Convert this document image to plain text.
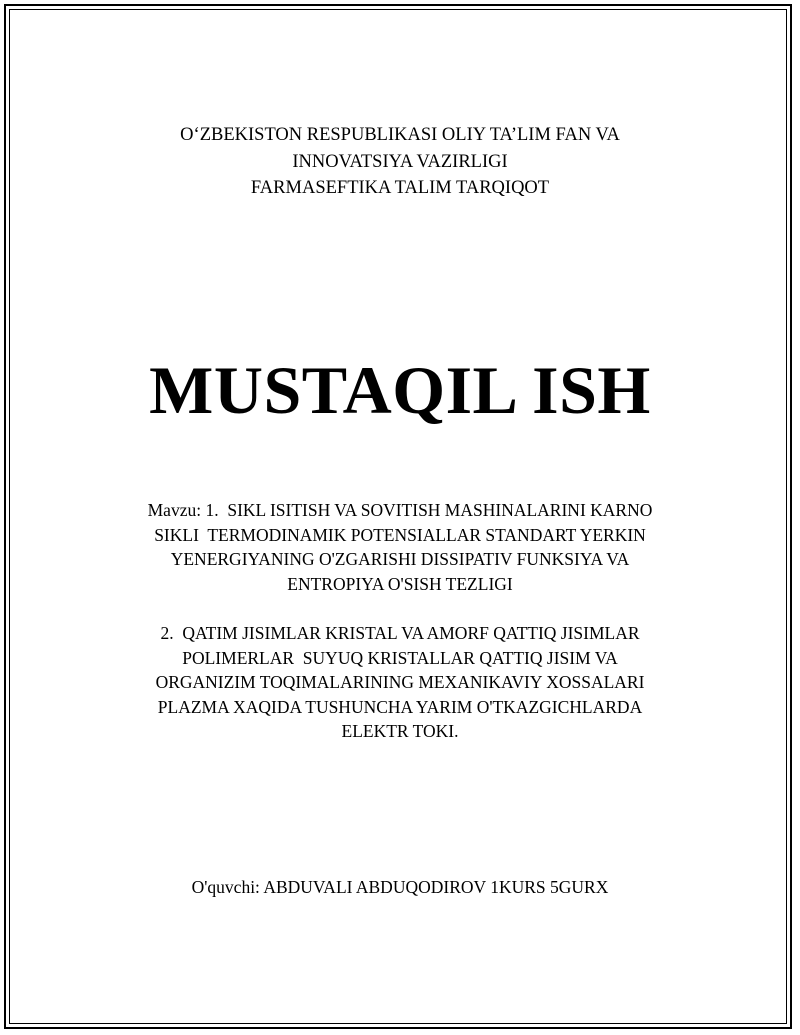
O‘ZBEKISTON RESPUBLIKASI OLIY TA’LIM FAN VA
INNOVATSIYA VAZIRLIGI
FARMASEFTIKA TALIM TARQIQOT
MUSTAQIL ISH
Mavzu: 1.  SIKL ISITISH VA SOVITISH MASHINALARINI KARNO
SIKLI  TERMODINAMIK POTENSIALLAR STANDART YERKIN
YENERGIYANING O'ZGARISHI DISSIPATIV FUNKSIYA VA
ENTROPIYA O'SISH TEZLIGI
2.  QATIM JISIMLAR KRISTAL VA AMORF QATTIQ JISIMLAR
POLIMERLAR  SUYUQ KRISTALLAR QATTIQ JISIM VA
ORGANIZIM TOQIMALARINING MEXANIKAVIY XOSSALARI
PLAZMA XAQIDA TUSHUNCHA YARIM O'TKAZGICHLARDA
ELEKTR TOKI.
O'quvchi: ABDUVALI ABDUQODIROV 1KURS 5GURX
